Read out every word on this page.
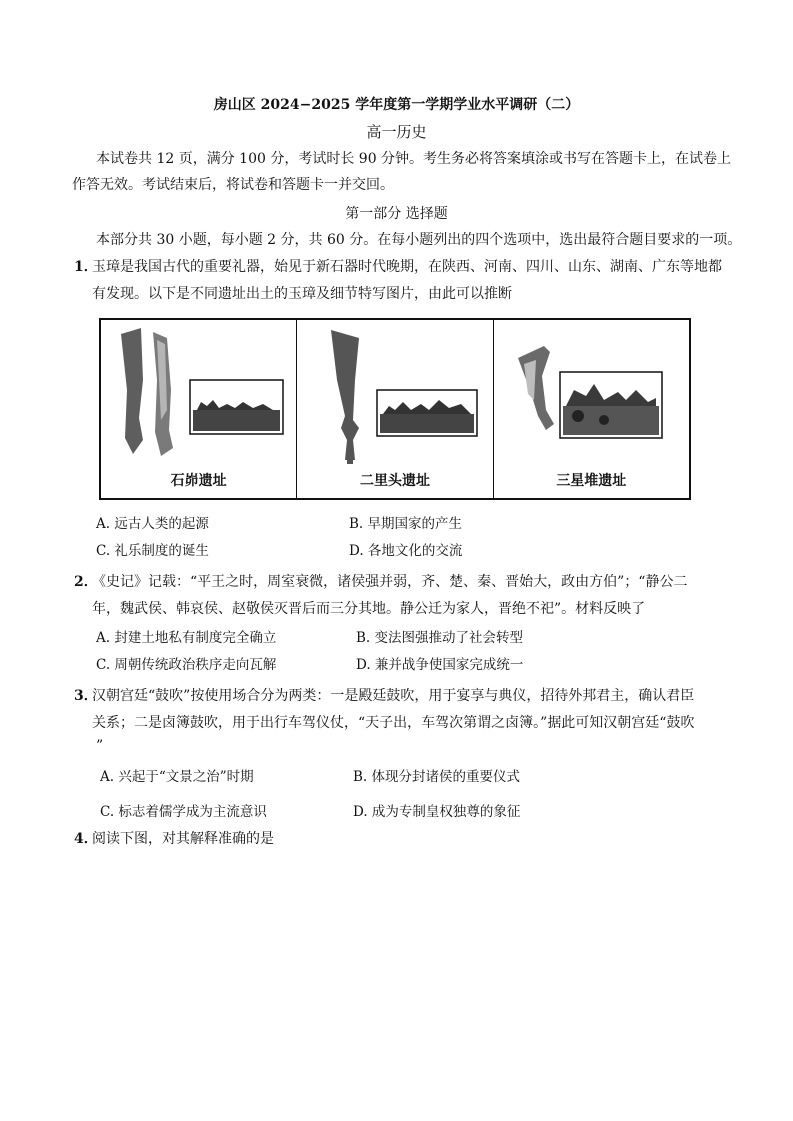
房山区 2024−2025 学年度第一学期学业水平调研（二）
高一历史
本试卷共 12 页，满分 100 分，考试时长 90 分钟。考生务必将答案填涂或书写在答题卡上，在试卷上
作答无效。考试结束后，将试卷和答题卡一并交回。
第一部分 选择题
本部分共 30 小题，每小题 2 分，共 60 分。在每小题列出的四个选项中，选出最符合题目要求的一项。
1．
玉璋是我国古代的重要礼器，始见于新石器时代晚期，在陕西、河南、四川、山东、湖南、广东等地都
有发现。以下是不同遗址出土的玉璋及细节特写图片，由此可以推断
石峁遗址	二里头遗址	三星堆遗址
A. 远古人类的起源	B. 早期国家的产生
C. 礼乐制度的诞生	D. 各地文化的交流
2．
《史记》记载：“平王之时，周室衰微，诸侯强并弱，齐、楚、秦、晋始大，政由方伯”；“静公二
年，魏武侯、韩哀侯、赵敬侯灭晋后而三分其地。静公迁为家人，晋绝不祀”。材料反映了
A. 封建土地私有制度完全确立	B. 变法图强推动了社会转型
C. 周朝传统政治秩序走向瓦解	D. 兼并战争使国家完成统一
3．
汉朝宫廷“鼓吹”按使用场合分为两类：一是殿廷鼓吹，用于宴享与典仪，招待外邦君主，确认君臣
关系；二是卤簿鼓吹，用于出行车驾仪仗，“天子出，车驾次第谓之卤簿。”据此可知汉朝宫廷“鼓吹
”
A. 兴起于“文景之治”时期	B. 体现分封诸侯的重要仪式
C. 标志着儒学成为主流意识	D. 成为专制皇权独尊的象征
4．
阅读下图，对其解释准确的是
